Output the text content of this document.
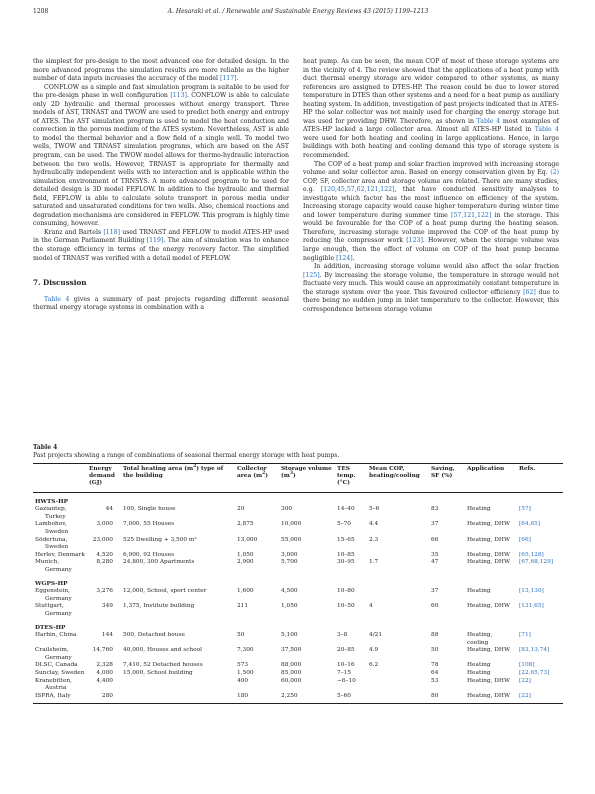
1208	A. Hesaraki et al. / Renewable and Sustainable Energy Reviews 43 (2015) 1199–1213

the simplest for pre-design to the most advanced one for detailed design. In the more advanced programs the simulation results are more reliable as the higher number of data inputs increases the accuracy of the model [117].

CONFLOW as a simple and fast simulation program is suitable to be used for the pre-design phase in well configuration [113]. CONFLOW is able to calculate only 2D hydraulic and thermal processes without energy transport. Three models of AST, TRNAST and TWOW are used to predict both energy and entropy of ATES. The AST simulation program is used to model the heat conduction and convection in the porous medium of the ATES system. Nevertheless, AST is able to model the thermal behavior and a flow field of a single well. To model two wells, TWOW and TRNAST simulation programs, which are based on the AST program, can be used. The TWOW model allows for thermo-hydraulic interaction between the two wells. However, TRNAST is appropriate for thermally and hydraulically independent wells with no interaction and is applicable within the simulation environment of TRNSYS. A more advanced program to be used for detailed design is 3D model FEFLOW. In addition to the hydraulic and thermal field, FEFLOW is able to calculate solute transport in porous media under saturated and unsaturated conditions for two wells. Also, chemical reactions and degradation mechanisms are considered in FEFLOW. This program is highly time consuming, however.

Kranz and Bartels [118] used TRNAST and FEFLOW to model ATES-HP used in the German Parliament Building [119]. The aim of simulation was to enhance the storage efficiency in terms of the energy recovery factor. The simplified model of TRNAST was verified with a detail model of FEFLOW.

7. Discussion

Table 4 gives a summary of past projects regarding different seasonal thermal energy storage systems in combination with a

heat pump. As can be seen, the mean COP of most of these storage systems are in the vicinity of 4. The review showed that the applications of a heat pump with duct thermal energy storage are wider compared to other systems, as many references are assigned to DTES-HP. The reason could be due to lower stored temperature in DTES than other systems and a need for a heat pump as auxiliary heating system. In addition, investigation of past projects indicated that in ATES-HP the solar collector was not mainly used for charging the energy storage but was used for providing DHW. Therefore, as shown in Table 4 most examples of ATES-HP lacked a large collector area. Almost all ATES-HP listed in Table 4 were used for both heating and cooling in large applications. Hence, in large buildings with both heating and cooling demand this type of storage system is recommended.

The COP of a heat pump and solar fraction improved with increasing storage volume and solar collector area. Based on energy conservation given by Eq. (2) COP, SF, collector area and storage volume are related. There are many studies, e.g. [120,45,57,62,121,122], that have conducted sensitivity analyses to investigate which factor has the most influence on efficiency of the system. Increasing storage capacity would cause higher temperature during winter time and lower temperature during summer time [57,121,122] in the storage. This would be favourable for the COP of a heat pump during the heating season. Therefore, increasing storage volume improved the COP of the heat pump by reducing the compressor work [123]. However, when the storage volume was large enough, then the effect of volume on COP of the heat pump became negligible [124].

In addition, increasing storage volume would also affect the solar fraction [125]. By increasing the storage volume, the temperature in storage would not fluctuate very much. This would cause an approximately constant temperature in the storage system over the year. This favoured collector efficiency [62] due to there being no sudden jump in inlet temperature to the collector. However, this correspondence between storage volume

Table 4
Past projects showing a range of combinations of seasonal thermal energy storage with heat pumps.
	Energy demand (GJ)	Total heating area $(m^2)$ type of the building	Collector area $(m^2)$	Storage volume $(m^3)$	TES temp. (°C)	Mean COP, heating/cooling	Saving, SF (%)	Application	Refs.
HWTS-HP									
Gaziantep, Turkey	44	100, Single house	20	300	14–40	5–6	83	Heating	[57]
Lambohov, Sweden	3,000	7,000, 55 Houses	2,875	10,000	5–70	4.4	37	Heating, DHW	[64,65]
Södertuna, Sweden	23,000	525 Dwelling + 3,500 m²	13,000	55,000	15–65	2.3	66	Heating, DHW	[66]
Herlev, Denmark	4,520	6,900, 92 Houses	1,050	3,000	10–85		35	Heating, DHW	[65,128]
Munich, Germany	8,280	24,800, 300 Apartments	2,900	5,700	30–95	1.7	47	Heating, DHW	[67,68,129]
WGPS-HP									
Eggenstein, Germany	3,276	12,000, School, sport center	1,600	4,500	10–80		37	Heating	[13,130]
Stuttgart, Germany	349	1,375, Institute building	211	1,050	10–50	4	60	Heating, DHW	[131,65]
DTES-HP									
Harbin, China	144	500, Detached house	50	5,100	3–8	4/21	88	Heating, cooling	[71]
Crailsheim, Germany	14,760	40,000, Houses and school	7,300	37,500	20–85	4.9	50	Heating, DHW	[83,13,74]
DLSC, Canada	2,328	7,410, 52 Detached houses	573	88,000	10–16	6.2	78	Heating	[108]
Sunclay, Sweden	4,000	15,000, School building	1,500	85,000	7–15		64	Heating	[22,65,73]
Kranebitten, Austria	4,400		400	60,000	−6–10		53	Heating, DHW	[22]
ISPRA, Italy	280		180	2,250	5–60		80	Heating, DHW	[22]
